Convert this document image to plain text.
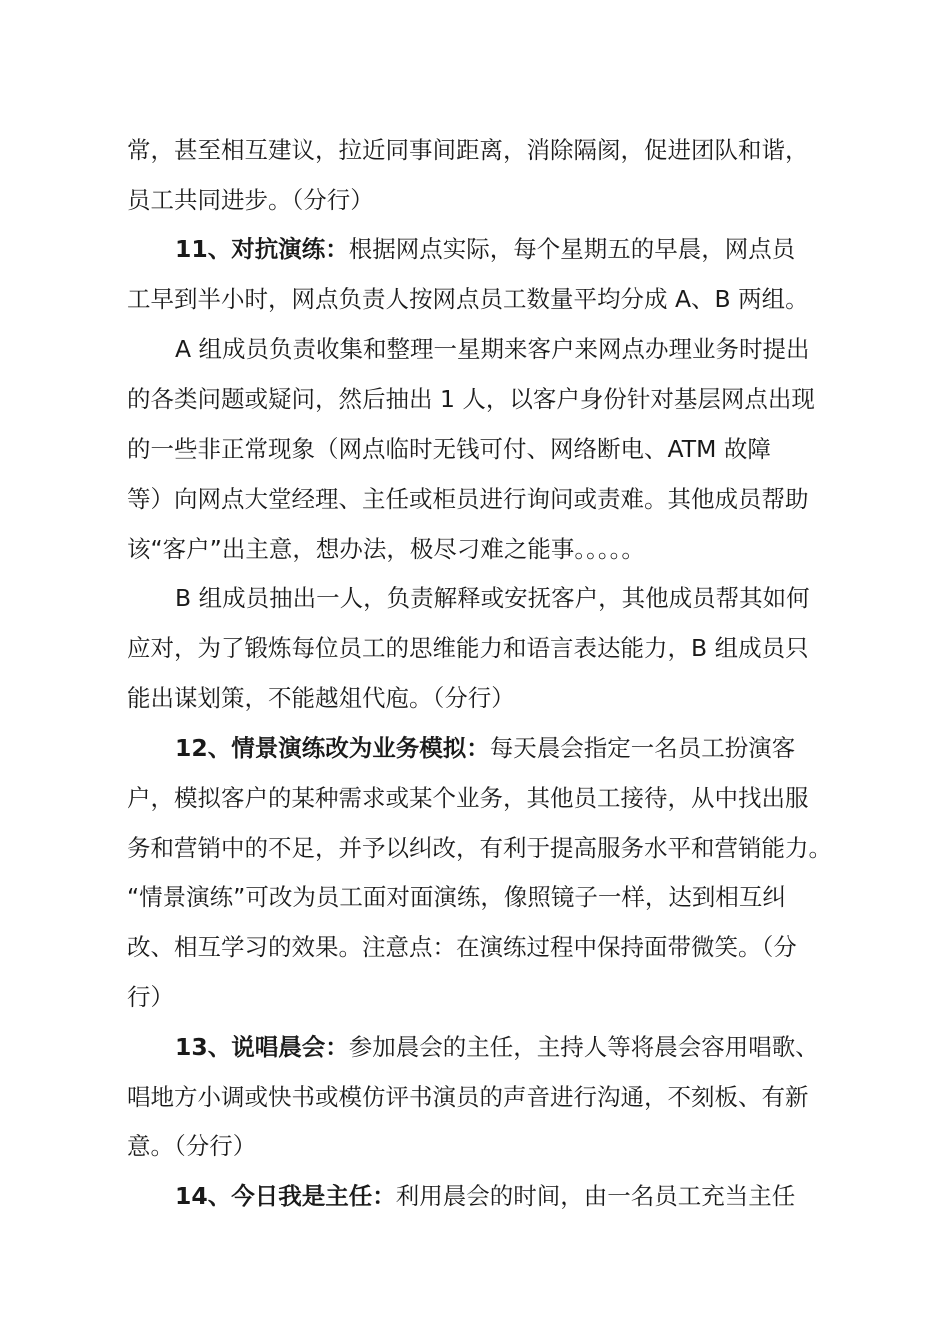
常，甚至相互建议，拉近同事间距离，消除隔阂，促进团队和谐，
员工共同进步。（分行）
11、对抗演练：根据网点实际，每个星期五的早晨，网点员
工早到半小时，网点负责人按网点员工数量平均分成 A、B 两组。
A 组成员负责收集和整理一星期来客户来网点办理业务时提出
的各类问题或疑问，然后抽出 1 人，以客户身份针对基层网点出现
的一些非正常现象（网点临时无钱可付、网络断电、ATM 故障
等）向网点大堂经理、主任或柜员进行询问或责难。其他成员帮助
该“客户”出主意，想办法，极尽刁难之能事。。。。。
B 组成员抽出一人，负责解释或安抚客户，其他成员帮其如何
应对，为了锻炼每位员工的思维能力和语言表达能力，B 组成员只
能出谋划策，不能越俎代庖。（分行）
12、情景演练改为业务模拟：每天晨会指定一名员工扮演客
户，模拟客户的某种需求或某个业务，其他员工接待，从中找出服
务和营销中的不足，并予以纠改，有利于提高服务水平和营销能力。
“情景演练”可改为员工面对面演练，像照镜子一样，达到相互纠
改、相互学习的效果。注意点：在演练过程中保持面带微笑。（分
行）
13、说唱晨会：参加晨会的主任，主持人等将晨会容用唱歌、
唱地方小调或快书或模仿评书演员的声音进行沟通，不刻板、有新
意。（分行）
14、今日我是主任：利用晨会的时间，由一名员工充当主任
